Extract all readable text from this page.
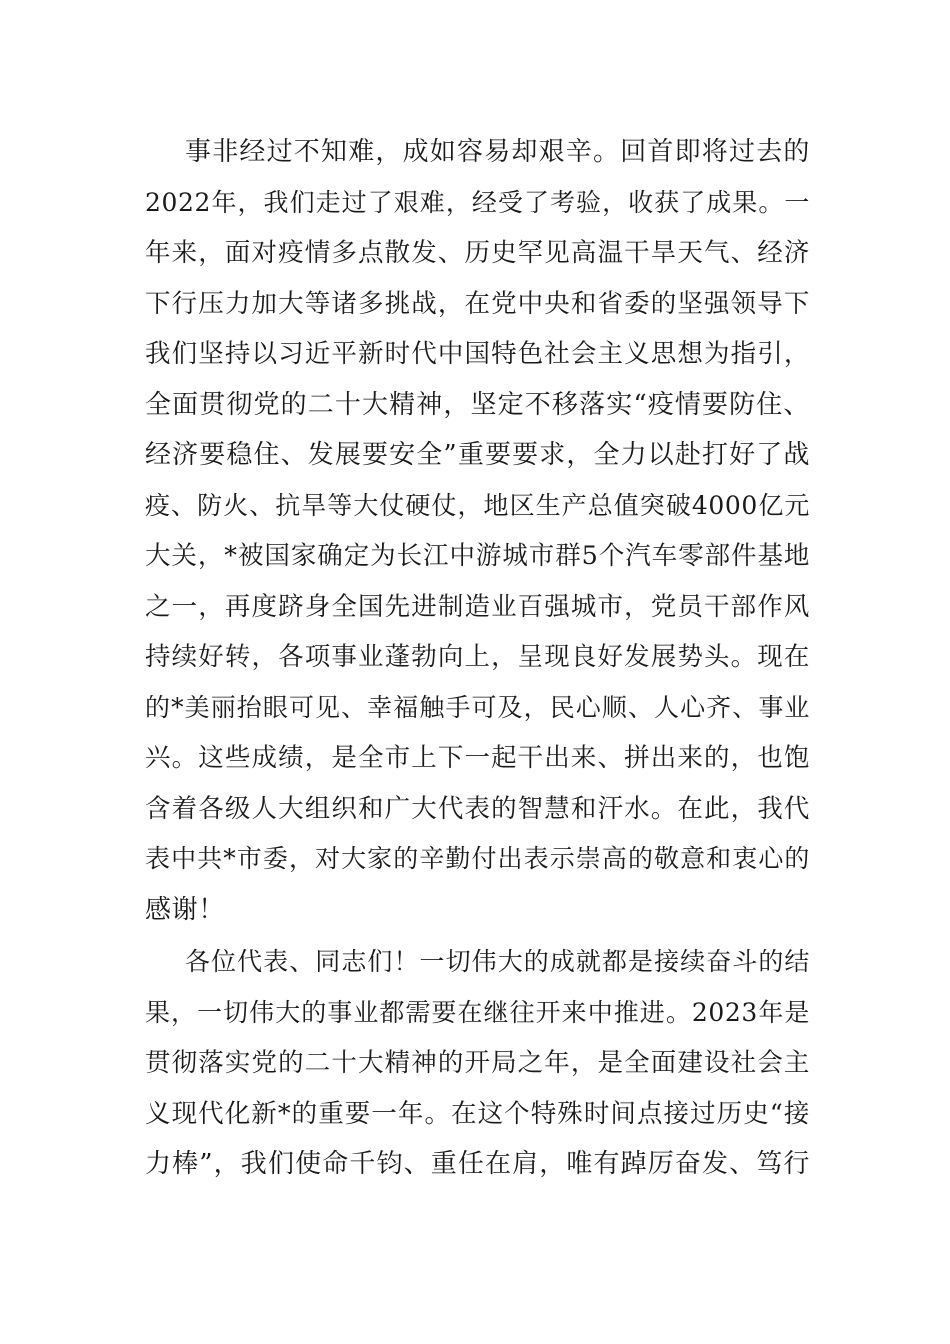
事非经过不知难，成如容易却艰辛。回首即将过去的
2022年，我们走过了艰难，经受了考验，收获了成果。一
年来，面对疫情多点散发、历史罕见高温干旱天气、经济
下行压力加大等诸多挑战，在党中央和省委的坚强领导下
我们坚持以习近平新时代中国特色社会主义思想为指引，
全面贯彻党的二十大精神，坚定不移落实“疫情要防住、
经济要稳住、发展要安全”重要要求，全力以赴打好了战
疫、防火、抗旱等大仗硬仗，地区生产总值突破4000亿元
大关，*被国家确定为长江中游城市群5个汽车零部件基地
之一，再度跻身全国先进制造业百强城市，党员干部作风
持续好转，各项事业蓬勃向上，呈现良好发展势头。现在
的*美丽抬眼可见、幸福触手可及，民心顺、人心齐、事业
兴。这些成绩，是全市上下一起干出来、拼出来的，也饱
含着各级人大组织和广大代表的智慧和汗水。在此，我代
表中共*市委，对大家的辛勤付出表示崇高的敬意和衷心的
感谢！
各位代表、同志们！一切伟大的成就都是接续奋斗的结
果，一切伟大的事业都需要在继往开来中推进。2023年是
贯彻落实党的二十大精神的开局之年，是全面建设社会主
义现代化新*的重要一年。在这个特殊时间点接过历史“接
力棒”，我们使命千钧、重任在肩，唯有踔厉奋发、笃行
